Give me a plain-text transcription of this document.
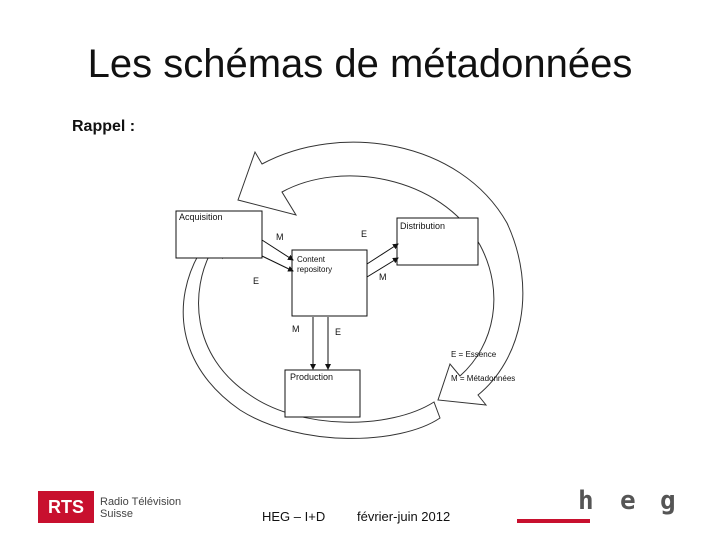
Les schémas de métadonnées
Rappel :
Acquisition
Distribution
Content
repository
Production
M
E
E
M
M	E
E = Essence
M = Métadonnées
RTS	Radio Télévision
Suisse	HEG – I+D février-juin 2012
h e g
